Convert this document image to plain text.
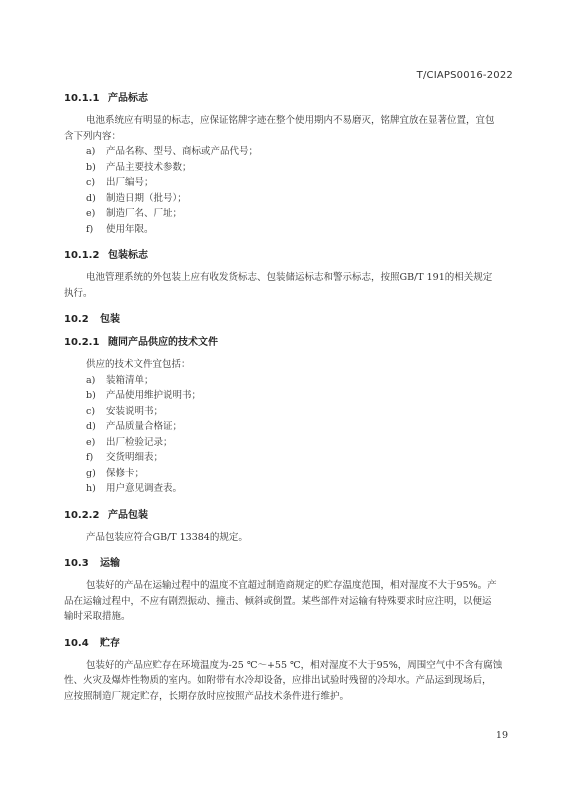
T/CIAPS0016-2022
10.1.1 产品标志

电池系统应有明显的标志，应保证铭牌字迹在整个使用期内不易磨灭，铭牌宜放在显著位置，宜包
含下列内容：

a) 产品名称、型号、商标或产品代号；
b) 产品主要技术参数；
c) 出厂编号；
d) 制造日期（批号）；
e) 制造厂名、厂址；
f) 使用年限。
10.1.2 包装标志

电池管理系统的外包装上应有收发货标志、包装储运标志和警示标志，按照GB/T 191的相关规定
执行。

10.2 包装
10.2.1 随同产品供应的技术文件

供应的技术文件宜包括：

a) 装箱清单；
b) 产品使用维护说明书；
c) 安装说明书；
d) 产品质量合格证；
e) 出厂检验记录；
f) 交货明细表；
g) 保修卡；
h) 用户意见调查表。
10.2.2 产品包装

产品包装应符合GB/T 13384的规定。

10.3 运输

包装好的产品在运输过程中的温度不宜超过制造商规定的贮存温度范围，相对湿度不大于95%。产
品在运输过程中，不应有剧烈振动、撞击、倾斜或倒置。某些部件对运输有特殊要求时应注明，以便运
输时采取措施。

10.4 贮存

包装好的产品应贮存在环境温度为-25 ℃～+55 ℃，相对湿度不大于95%，周围空气中不含有腐蚀
性、火灾及爆炸性物质的室内。如附带有水冷却设备，应排出试验时残留的冷却水。产品运到现场后，
应按照制造厂规定贮存，长期存放时应按照产品技术条件进行维护。

19
